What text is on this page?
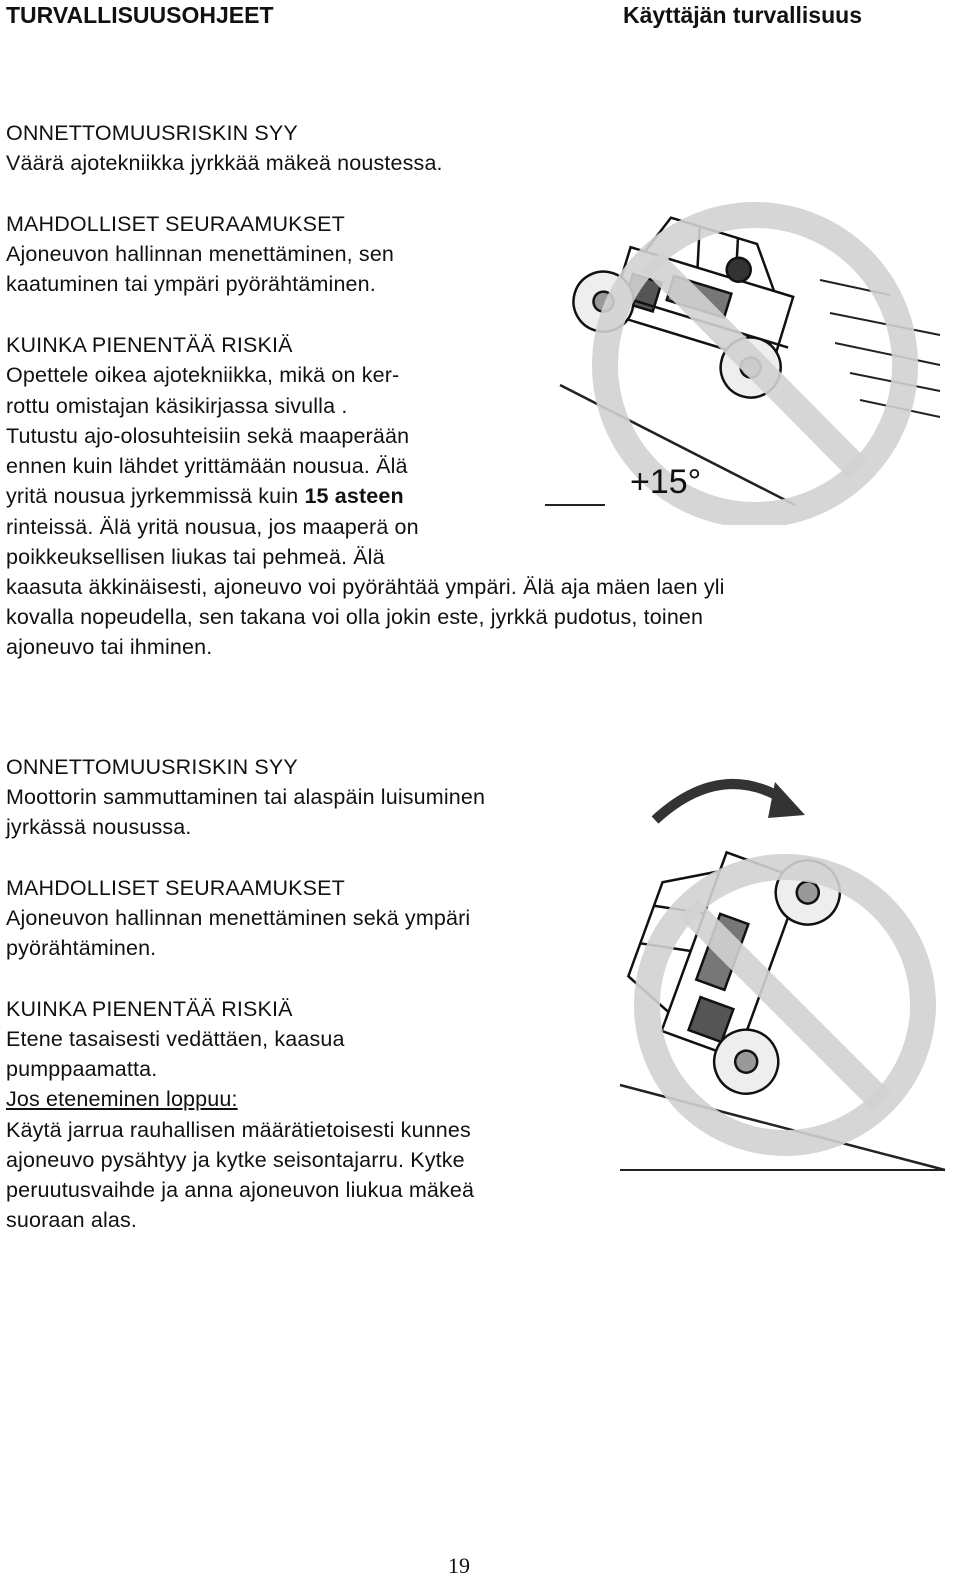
TURVALLISUUSOHJEET	Käyttäjän turvallisuus
+15°
ONNETTOMUUSRISKIN SYY
Väärä ajotekniikka jyrkkää mäkeä noustessa.
MAHDOLLISET SEURAAMUKSET
Ajoneuvon hallinnan menettäminen, sen
kaatuminen tai ympäri pyörähtäminen.
KUINKA PIENENTÄÄ RISKIÄ
Opettele oikea ajotekniikka, mikä on ker-
rottu omistajan käsikirjassa sivulla .
Tutustu ajo-olosuhteisiin sekä maaperään
ennen kuin lähdet yrittämään nousua. Älä
yritä nousua jyrkemmissä kuin 15 asteen
rinteissä. Älä yritä nousua, jos maaperä on
poikkeuksellisen liukas tai pehmeä. Älä
kaasuta äkkinäisesti, ajoneuvo voi pyörähtää ympäri. Älä aja mäen laen yli
kovalla nopeudella, sen takana voi olla jokin este, jyrkkä pudotus, toinen
ajoneuvo tai ihminen.
ONNETTOMUUSRISKIN SYY
Moottorin sammuttaminen tai alaspäin luisuminen
jyrkässä nousussa.
MAHDOLLISET SEURAAMUKSET
Ajoneuvon hallinnan menettäminen sekä ympäri
pyörähtäminen.
KUINKA PIENENTÄÄ RISKIÄ
Etene tasaisesti vedättäen, kaasua
pumppaamatta.
Jos eteneminen loppuu:
Käytä jarrua rauhallisen määrätietoisesti kunnes
ajoneuvo pysähtyy ja kytke seisontajarru. Kytke
peruutusvaihde ja anna ajoneuvon liukua mäkeä
suoraan alas.
19
